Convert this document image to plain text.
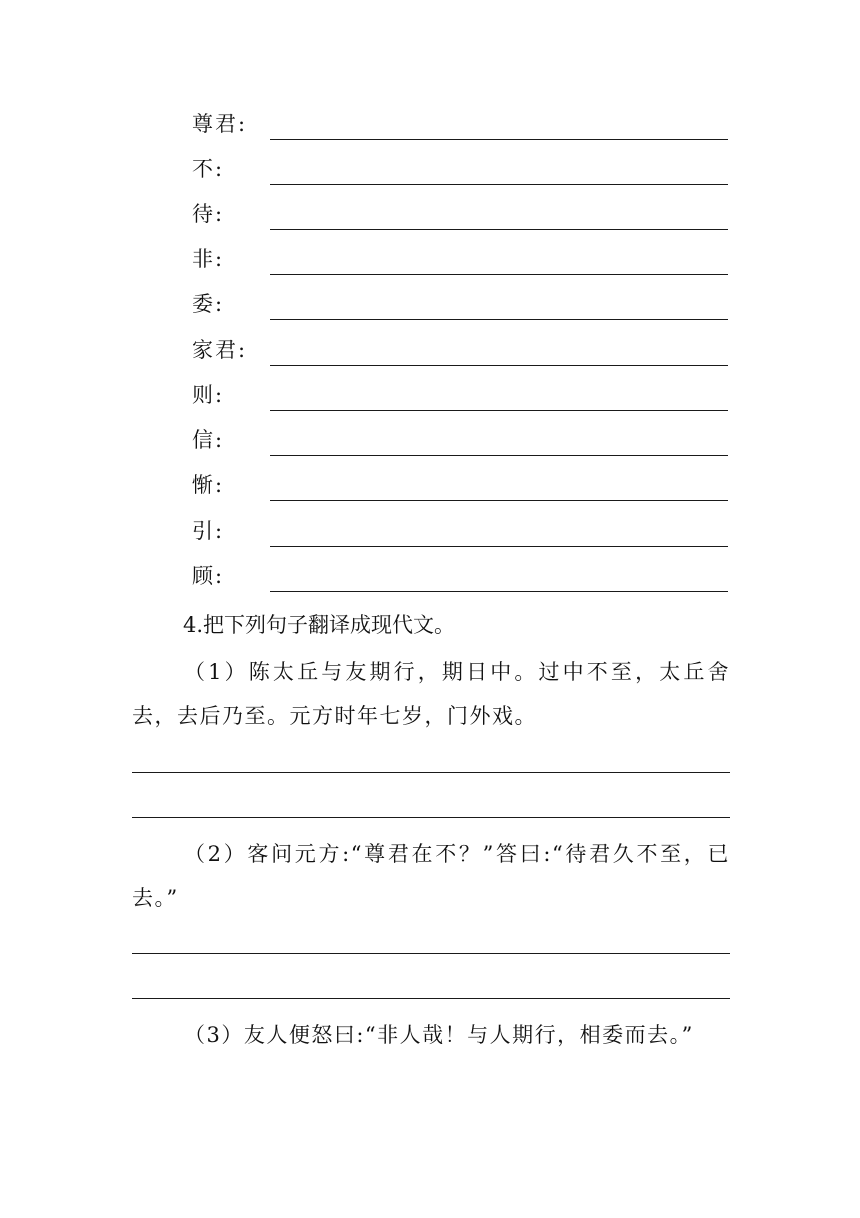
尊君:
不:
待:
非:
委:
家君:
则:
信:
惭:
引:
顾:
4.把下列句子翻译成现代文。

（1）陈太丘与友期行，期日中。过中不至，太丘舍去，去后乃至。元方时年七岁，门外戏。

（2）客问元方:“尊君在不？”答曰:“待君久不至，已去。”

（3）友人便怒曰:“非人哉！与人期行，相委而去。”
